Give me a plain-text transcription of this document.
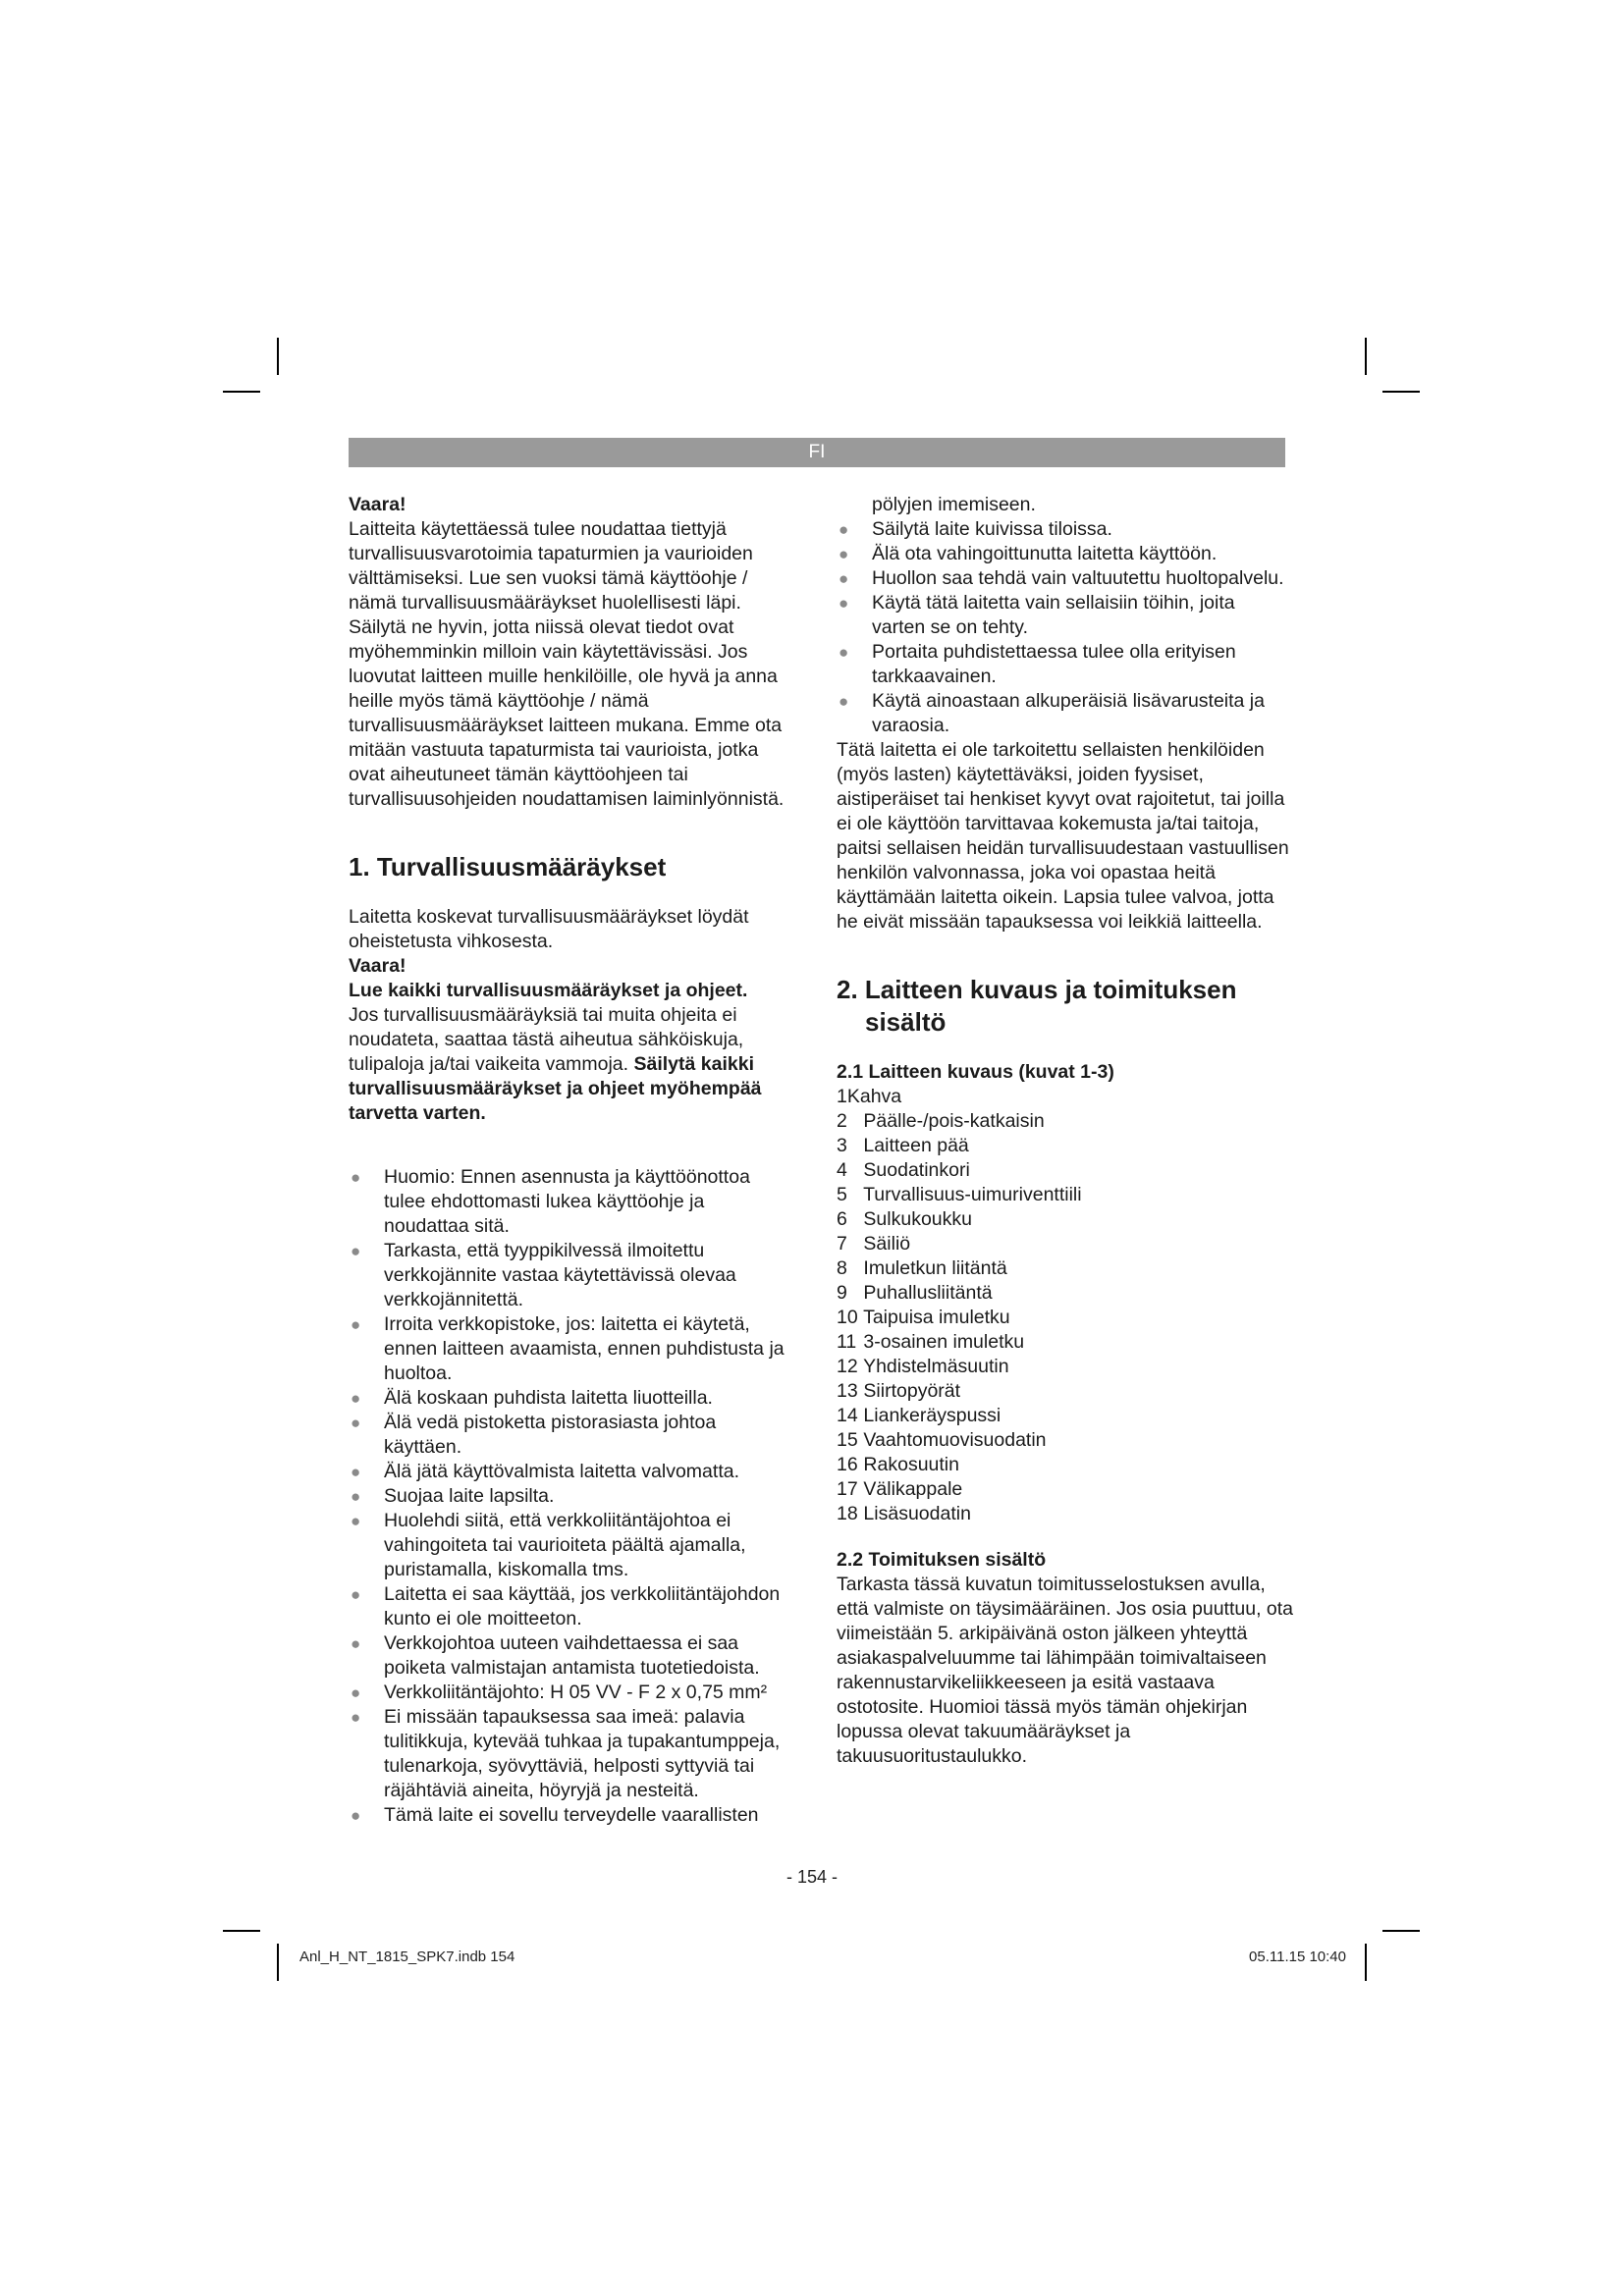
FI

Vaara!

Laitteita käytettäessä tulee noudattaa tiettyjä turvallisuusvarotoimia tapaturmien ja vaurioiden välttämiseksi. Lue sen vuoksi tämä käyttöohje / nämä turvallisuusmääräykset huolellisesti läpi. Säilytä ne hyvin, jotta niissä olevat tiedot ovat myöhemminkin milloin vain käytettävissäsi. Jos luovutat laitteen muille henkilöille, ole hyvä ja anna heille myös tämä käyttöohje / nämä turvallisuusmääräykset laitteen mukana. Emme ota mitään vastuuta tapaturmista tai vaurioista, jotka ovat aiheutuneet tämän käyttöohjeen tai turvallisuusohjeiden noudattamisen laiminlyönnistä.

1. Turvallisuusmääräykset

Laitetta koskevat turvallisuusmääräykset löydät oheistetusta vihkosesta.

Vaara!

Lue kaikki turvallisuusmääräykset ja ohjeet.

Jos turvallisuusmääräyksiä tai muita ohjeita ei noudateta, saattaa tästä aiheutua sähköiskuja, tulipaloja ja/tai vaikeita vammoja. Säilytä kaikki turvallisuusmääräykset ja ohjeet myöhempää tarvetta varten.

● Huomio: Ennen asennusta ja käyttöönottoa tulee ehdottomasti lukea käyttöohje ja noudattaa sitä.
● Tarkasta, että tyyppikilvessä ilmoitettu verkkojännite vastaa käytettävissä olevaa verkkojännitettä.
● Irroita verkkopistoke, jos: laitetta ei käytetä, ennen laitteen avaamista, ennen puhdistusta ja huoltoa.
● Älä koskaan puhdista laitetta liuotteilla.
● Älä vedä pistoketta pistorasiasta johtoa käyttäen.
● Älä jätä käyttövalmista laitetta valvomatta.
● Suojaa laite lapsilta.
● Huolehdi siitä, että verkkoliitäntäjohtoa ei vahingoiteta tai vaurioiteta päältä ajamalla, puristamalla, kiskomalla tms.
● Laitetta ei saa käyttää, jos verkkoliitäntäjohdon kunto ei ole moitteeton.
● Verkkojohtoa uuteen vaihdettaessa ei saa poiketa valmistajan antamista tuotetiedoista.
● Verkkoliitäntäjohto: H 05 VV - F 2 x 0,75 mm²
● Ei missään tapauksessa saa imeä: palavia tulitikkuja, kytevää tuhkaa ja tupakantumppeja, tulenarkoja, syövyttäviä, helposti syttyviä tai räjähtäviä aineita, höyryjä ja nesteitä.
● Tämä laite ei sovellu terveydelle vaarallisten

pölyjen imemiseen.

● Säilytä laite kuivissa tiloissa.
● Älä ota vahingoittunutta laitetta käyttöön.
● Huollon saa tehdä vain valtuutettu huoltopalvelu.
● Käytä tätä laitetta vain sellaisiin töihin, joita varten se on tehty.
● Portaita puhdistettaessa tulee olla erityisen tarkkaavainen.
● Käytä ainoastaan alkuperäisiä lisävarusteita ja varaosia.

Tätä laitetta ei ole tarkoitettu sellaisten henkilöiden (myös lasten) käytettäväksi, joiden fyysiset, aistiperäiset tai henkiset kyvyt ovat rajoitetut, tai joilla ei ole käyttöön tarvittavaa kokemusta ja/tai taitoja, paitsi sellaisen heidän turvallisuudestaan vastuullisen henkilön valvonnassa, joka voi opastaa heitä käyttämään laitetta oikein. Lapsia tulee valvoa, jotta he eivät missään tapauksessa voi leikkiä laitteella.

2. Laitteen kuvaus ja toimituksen
sisältö

2.1 Laitteen kuvaus (kuvat 1-3)

1Kahva
2 Päälle-/pois-katkaisin
3 Laitteen pää
4 Suodatinkori
5 Turvallisuus-uimuriventtiili
6 Sulkukoukku
7 Säiliö
8 Imuletkun liitäntä
9 Puhallusliitäntä
10 Taipuisa imuletku
11 3-osainen imuletku
12 Yhdistelmäsuutin
13 Siirtopyörät
14 Liankeräyspussi
15 Vaahtomuovisuodatin
16 Rakosuutin
17 Välikappale
18 Lisäsuodatin

2.2 Toimituksen sisältö

Tarkasta tässä kuvatun toimitusselostuksen avulla, että valmiste on täysimääräinen. Jos osia puuttuu, ota viimeistään 5. arkipäivänä oston jälkeen yhteyttä asiakaspalveluumme tai lähimpään toimivaltaiseen rakennustarvikeliikkeeseen ja esitä vastaava ostotosite. Huomioi tässä myös tämän ohjekirjan lopussa olevat takuumääräykset ja takuusuoritustaulukko.

- 154 -
Anl_H_NT_1815_SPK7.indb 154	05.11.15 10:40
